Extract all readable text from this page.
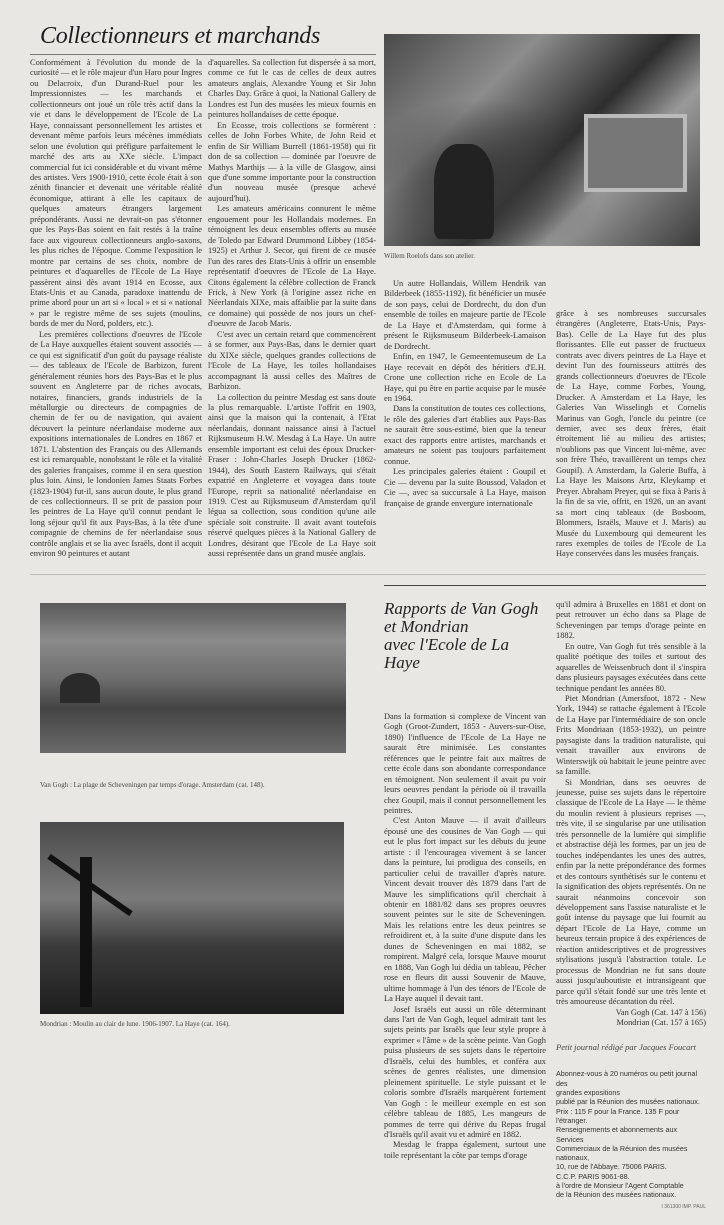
Collectionneurs et marchands

Conformément à l'évolution du monde de la curiosité — et le rôle majeur d'un Haro pour Ingres ou Delacroix, d'un Durand-Ruel pour les Impressionnistes — les marchands et collectionneurs ont joué un rôle très actif dans la vie et dans le développement de l'Ecole de La Haye, connaissant personnellement les artistes et devenant même parfois leurs mécènes immédiats selon une évolution qui préfigure parfaitement le marché des arts au XXe siècle. L'impact commercial fut ici considérable et du vivant même des artistes. Vers 1900-1910, cette école était à son zénith financier et devenait une véritable réalité économique, attirant à elle les capitaux de quelques amateurs étrangers largement prépondérants. Aussi ne devrait-on pas s'étonner que les Pays-Bas soient en fait restés à la traîne face aux vigoureux collectionneurs anglo-saxons, les plus riches de l'époque. Comme l'exposition le montre par certains de ses choix, nombre de peintures et d'aquarelles de l'Ecole de La Haye passèrent ainsi dès avant 1914 en Ecosse, aux Etats-Unis et au Canada, paradoxe inattendu de prime abord pour un art si « local » et si « national » par le registre même de ses sujets (moulins, bords de mer du Nord, polders, etc.).

Les premières collections d'oeuvres de l'Ecole de La Haye auxquelles étaient souvent associés — ce qui est significatif d'un goût du paysage réaliste — des tableaux de l'Ecole de Barbizon, furent généralement réunies hors des Pays-Bas et le plus souvent en Angleterre par de riches avocats, notaires, financiers, grands industriels de la métallurgie ou directeurs de compagnies de chemin de fer ou de navigation, qui avaient découvert la peinture néerlandaise moderne aux expositions internationales de Londres en 1867 et 1871. L'abstention des Français ou des Allemands est ici remarquable, nonobstant le rôle et la vitalité des galeries françaises, comme il en sera question plus loin. Ainsi, le londonien James Staats Forbes (1823-1904) fut-il, sans aucun doute, le plus grand de ces collectionneurs. Il se prit de passion pour les peintres de La Haye qu'il connut pendant le long séjour qu'il fit aux Pays-Bas, à la tête d'une compagnie de chemins de fer néerlandaise sous contrôle anglais et se lia avec Israëls, dont il acquit environ 90 peintures et autant

d'aquarelles. Sa collection fut dispersée à sa mort, comme ce fut le cas de celles de deux autres amateurs anglais, Alexandre Young et Sir John Charles Day. Grâce à quoi, la National Gallery de Londres est l'un des musées les mieux fournis en peintures hollandaises de cette époque.

En Ecosse, trois collections se formèrent : celles de John Forbes White, de John Reid et enfin de Sir William Burrell (1861-1958) qui fit don de sa collection — dominée par l'oeuvre de Mathys Marthijs — à la ville de Glasgow, ainsi que d'une somme importante pour la construction d'un nouveau musée (presque achevé aujourd'hui).

Les amateurs américains connurent le même engouement pour les Hollandais modernes. En témoignent les deux ensembles offerts au musée de Toledo par Edward Drummond Libbey (1854-1925) et Arthur J. Secor, qui firent de ce musée l'un des rares des Etats-Unis à offrir un ensemble représentatif d'oeuvres de l'Ecole de La Haye. Citons également la célèbre collection de Franck Frick, à New York (à l'origine assez riche en Néerlandais XIXe, mais affaiblie par la suite dans ce domaine) qui possède de nos jours un chef-d'oeuvre de Jacob Maris.

C'est avec un certain retard que commencèrent à se former, aux Pays-Bas, dans le dernier quart du XIXe siècle, quelques grandes collections de l'Ecole de La Haye, les toiles hollandaises accompagnant là aussi celles des Maîtres de Barbizon.

La collection du peintre Mesdag est sans doute la plus remarquable. L'artiste l'offrit en 1903, ainsi que la maison qui la contenait, à l'Etat néerlandais, donnant naissance ainsi à l'actuel Rijksmuseum H.W. Mesdag à La Haye. Un autre ensemble important est celui des époux Drucker-Fraser : John-Charles Joseph Drucker (1862-1944), des South Eastern Railways, qui s'était expatrié en Angleterre et voyagea dans toute l'Europe, reprit sa nationalité néerlandaise en 1919. C'est au Rijksmuseum d'Amsterdam qu'il légua sa collection, sous condition qu'une aile spéciale soit construite. Il avait avant toutefois réservé quelques pièces à la National Gallery de Londres, désirant que l'Ecole de La Haye soit aussi représentée dans un grand musée anglais.

Willem Roelofs dans son atelier.

Un autre Hollandais, Willem Hendrik van Bilderbeek (1855-1192), fit bénéficier un musée de son pays, celui de Dordrecht, du don d'un ensemble de toiles en majeure partie de l'Ecole de La Haye et d'Amsterdam, qui forme à présent le Rijksmuseum Bilderbeek-Lamaison de Dordrecht.

Enfin, en 1947, le Gemeentemuseum de La Haye recevait en dépôt des héritiers d'E.H. Crone une collection riche en Ecole de La Haye, qui pu être en partie acquise par le musée en 1964.

Dans la constitution de toutes ces collections, le rôle des galeries d'art établies aux Pays-Bas ne saurait être sous-estimé, bien que la teneur exact des rapports entre artistes, marchands et amateurs ne soient pas toujours parfaitement connue.

Les principales galeries étaient : Goupil et Cie — devenu par la suite Boussod, Valadon et Cie —, avec sa succursale à La Haye, maison française de grande envergure internationale

grâce à ses nombreuses succursales étrangères (Angleterre, Etats-Unis, Pays-Bas). Celle de La Haye fut des plus florissantes. Elle eut passer de fructueux contrats avec divers peintres de La Haye et devint l'un des fournisseurs attitrés des grands collectionneurs d'oeuvres de l'Ecole de La Haye, comme Forbes, Young, Drucker. A Amsterdam et La Haye, les Galeries Van Wisselingh et Cornelis Marinus van Gogh, l'oncle du peintre (ce dernier, avec ses deux frères, était étroitement lié au milieu des artistes; n'oublions pas que Vincent lui-même, avec son frère Théo, travaillèrent un temps chez Goupil). A Amsterdam, la Galerie Buffa, à La Haye les Maisons Artz, Kleykamp et Preyer. Abraham Preyer, qui se fixa à Paris à la fin de sa vie, offrit, en 1926, un an avant sa mort cinq tableaux (de Bosboom, Blommers, Israëls, Mauve et J. Maris) au Musée du Luxembourg qui demeurent les rares exemples de toiles de l'Ecole de La Haye conservées dans les musées français.

Van Gogh : La plage de Scheveningen par temps d'orage. Amsterdam (cat. 148).
Mondrian : Moulin au clair de lune. 1906-1907. La Haye (cat. 164).
Rapports de Van Gogh
et Mondrian
avec l'Ecole de La Haye

Dans la formation si complexe de Vincent van Gogh (Groot-Zundert, 1853 - Auvers-sur-Oise, 1890) l'influence de l'Ecole de La Haye ne saurait être minimisée. Les constantes références que le peintre fait aux maîtres de cette école dans son abondante correspondance en témoignent. Non seulement il avait pu voir leurs oeuvres pendant la période où il travailla chez Goupil, mais il connut personnellement les peintres.

C'est Anton Mauve — il avait d'ailleurs épousé une des cousines de Van Gogh — qui eut le plus fort impact sur les débuts du jeune artiste : il l'encouragea vivement à se lancer dans la peinture, lui prodigua des conseils, en particulier celui de travailler d'après nature. Vincent devait trouver dès 1879 dans l'art de Mauve les simplifications qu'il cherchait à obtenir en 1881/82 dans ses propres oeuvres souvent peintes sur le site de Scheveningen. Mais les relations entre les deux peintres se refroidirent et, à la suite d'une dispute dans les dunes de Scheveningen en mai 1882, se rompirent. Malgré cela, lorsque Mauve mourut en 1888, Van Gogh lui dédia un tableau, Pêcher rose en fleurs dit aussi Souvenir de Mauve, ultime hommage à l'un des ténors de l'Ecole de La Haye auquel il devait tant.

Josef Israëls eut aussi un rôle déterminant dans l'art de Van Gogh, lequel admirait tant les sujets peints par Israëls que leur style propre à exprimer « l'âme » de la scène peinte. Van Gogh puisa plusieurs de ses sujets dans le répertoire d'Israëls, celui des humbles, et conféra aux scènes de genres réalistes, une dimension pleinement spirituelle. Le style puissant et le coloris sombre d'Israëls marquèrent fortement Van Gogh : le meilleur exemple en est son célèbre tableau de 1885, Les mangeurs de pommes de terre qui dérive du Repas frugal d'Israëls qu'il avait vu et admiré en 1882.

Mesdag le frappa également, surtout une toile représentant la côte par temps d'orage

qu'il admira à Bruxelles en 1881 et dont on peut retrouver un écho dans sa Plage de Scheveningen par temps d'orage peinte en 1882.

En outre, Van Gogh fut très sensible à la qualité poétique des toiles et surtout des aquarelles de Weissenbruch dont il s'inspira dans plusieurs paysages exécutées dans cette technique pendant les années 80.

Piet Mondrian (Amersfoot, 1872 - New York, 1944) se rattache également à l'Ecole de La Haye par l'intermédiaire de son oncle Frits Mondriaan (1853-1932), un peintre paysagiste dans la tradition naturaliste, qui venait travailler aux environs de Winterswijk où habitait le jeune peintre avec sa famille.

Si Mondrian, dans ses oeuvres de jeunesse, puise ses sujets dans le répertoire classique de l'Ecole de La Haye — le thème du moulin revient à plusieurs reprises —, très vite, il se singularise par une utilisation très personnelle de la lumière qui simplifie et abstractise déjà les formes, par un jeu de touches indépendantes les unes des autres, enfin par la nette prépondérance des formes et des contours synthétisés sur le contenu et la signification des objets représentés. On ne saurait néanmoins concevoir son développement sans l'assise naturaliste et le goût intense du paysage que lui fournit au départ l'Ecole de La Haye, comme un heureux terrain propice à des expériences de réaction antidescriptives et de progressives stylisations jusqu'à l'abstraction totale. Le processus de Mondrian ne fut sans doute aussi jusqu'auboutiste et intransigeant que parce qu'il s'était fondé sur une très lente et très amoureuse décantation du réel.

Van Gogh (Cat. 147 à 156)
Mondrian (Cat. 157 à 165)
Petit journal rédigé par Jacques Foucart
Abonnez-vous à 20 numéros ou petit journal des
grandes expositions
publié par la Réunion des musées nationaux.
Prix : 115 F pour la France. 135 F pour l'étranger.
Renseignements et abonnements aux Services
Commerciaux de la Réunion des musées nationaux,
10, rue de l'Abbaye. 75006 PARIS.
C.C.P. PARIS 9061-88.
à l'ordre de Monsieur l'Agent Comptable
de la Réunion des musées nationaux.
I 361300 IMP. PAUL
